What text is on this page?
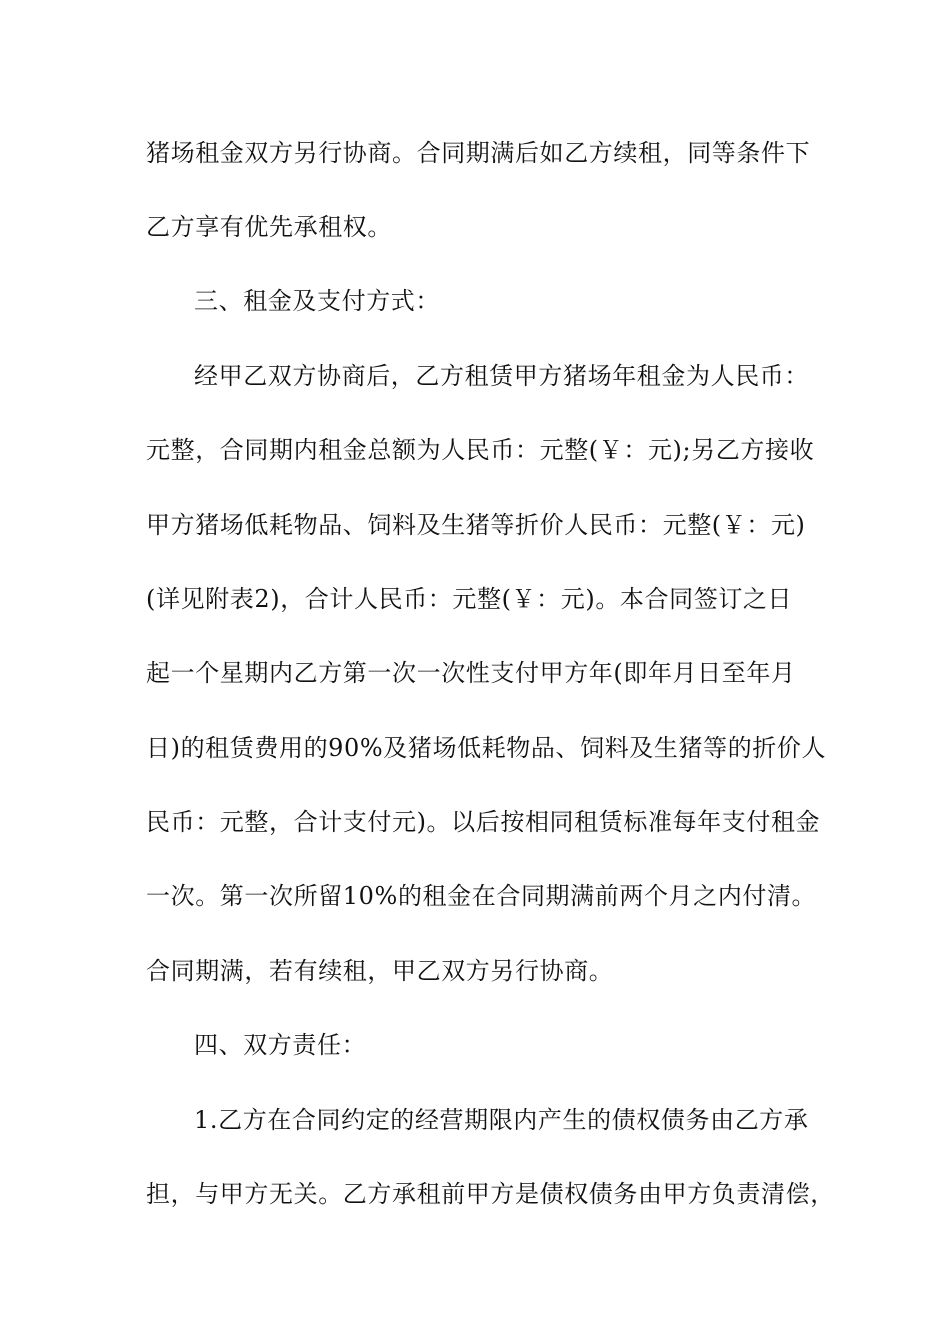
猪场租金双方另行协商。合同期满后如乙方续租，同等条件下
乙方享有优先承租权。
三、租金及支付方式：
经甲乙双方协商后，乙方租赁甲方猪场年租金为人民币：
元整，合同期内租金总额为人民币：元整(￥：元);另乙方接收
甲方猪场低耗物品、饲料及生猪等折价人民币：元整(￥：元)
(详见附表2)，合计人民币：元整(￥：元)。本合同签订之日
起一个星期内乙方第一次一次性支付甲方年(即年月日至年月
日)的租赁费用的90%及猪场低耗物品、饲料及生猪等的折价人
民币：元整，合计支付元)。以后按相同租赁标准每年支付租金
一次。第一次所留10%的租金在合同期满前两个月之内付清。
合同期满，若有续租，甲乙双方另行协商。
四、双方责任：
1.乙方在合同约定的经营期限内产生的债权债务由乙方承
担，与甲方无关。乙方承租前甲方是债权债务由甲方负责清偿，
